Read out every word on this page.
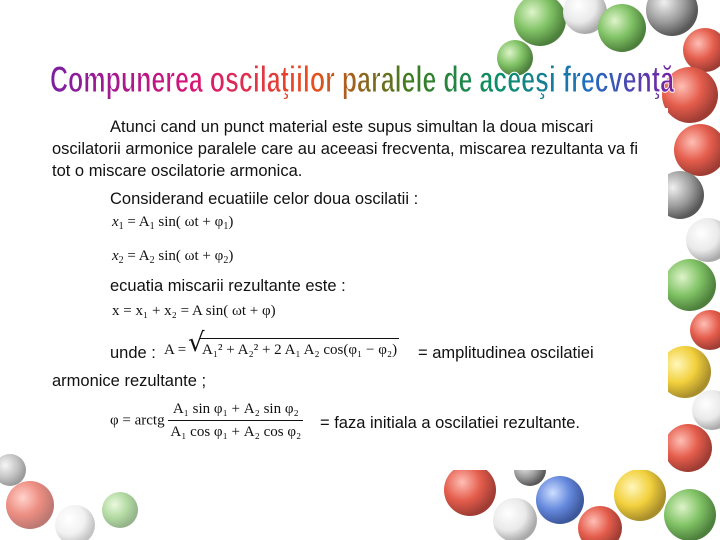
Compunerea oscilaţiilor paralele de aceeşi frecvenţă

Atunci cand un punct material este supus simultan la doua miscari

oscilatorii armonice paralele care au aceeasi frecventa, miscarea rezultanta va fi

tot o miscare oscilatorie armonica.

Considerand ecuatiile celor doua oscilatii :

$x_1 = A_1$ sin( $\omega t + \varphi_1$)
$x_2 = A_2$ sin( $\omega t + \varphi_2$)

ecuatia miscarii rezultante este :

x = x₁ + x₂ = A sin( ωt + φ)

unde : A = √
A₁² + A₂² + 2 A₁ A₂ cos(φ₁ − φ₂) = amplitudinea oscilatiei

armonice rezultante ;

φ = arctg $\frac{\text{A₁ sin φ₁ + A₂ sin φ₂}}{\text{A₁ cos φ₁ + A₂ cos φ₂}}$ = faza initiala a oscilatiei rezultante.
